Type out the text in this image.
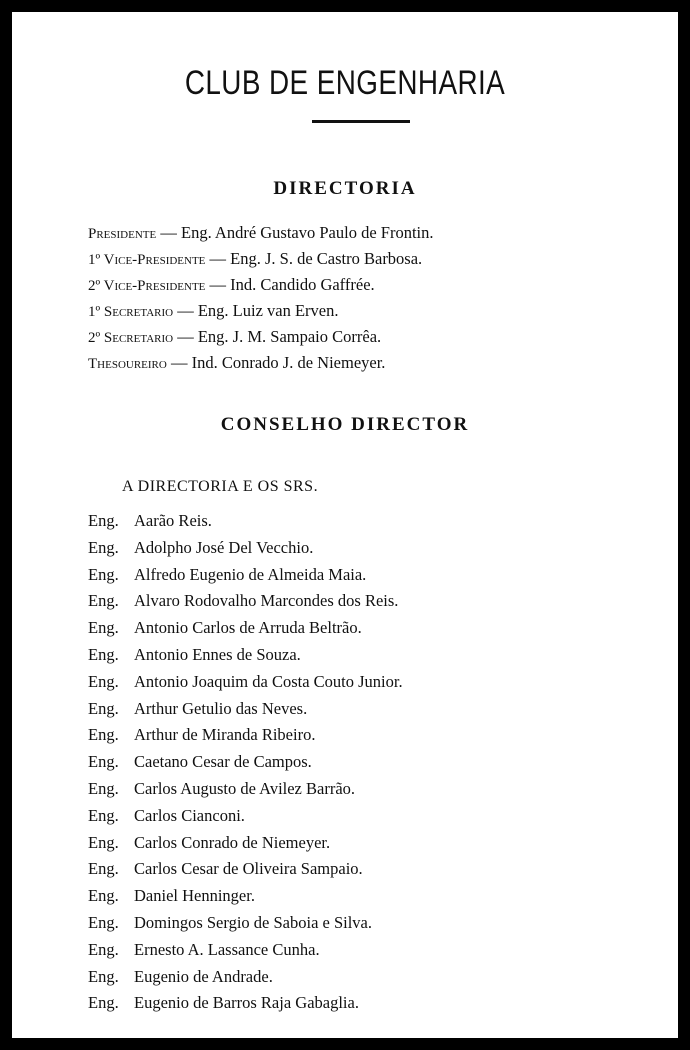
CLUB DE ENGENHARIA
DIRECTORIA
Presidente — Eng. André Gustavo Paulo de Frontin.
1º Vice-Presidente — Eng. J. S. de Castro Barbosa.
2º Vice-Presidente — Ind. Candido Gaffrée.
1º Secretario — Eng. Luiz van Erven.
2º Secretario — Eng. J. M. Sampaio Corrêa.
Thesoureiro — Ind. Conrado J. de Niemeyer.
CONSELHO DIRECTOR
A DIRECTORIA E OS SRS.
Eng. Aarão Reis.
Eng. Adolpho José Del Vecchio.
Eng. Alfredo Eugenio de Almeida Maia.
Eng. Alvaro Rodovalho Marcondes dos Reis.
Eng. Antonio Carlos de Arruda Beltrão.
Eng. Antonio Ennes de Souza.
Eng. Antonio Joaquim da Costa Couto Junior.
Eng. Arthur Getulio das Neves.
Eng. Arthur de Miranda Ribeiro.
Eng. Caetano Cesar de Campos.
Eng. Carlos Augusto de Avilez Barrão.
Eng. Carlos Cianconi.
Eng. Carlos Conrado de Niemeyer.
Eng. Carlos Cesar de Oliveira Sampaio.
Eng. Daniel Henninger.
Eng. Domingos Sergio de Saboia e Silva.
Eng. Ernesto A. Lassance Cunha.
Eng. Eugenio de Andrade.
Eng. Eugenio de Barros Raja Gabaglia.
